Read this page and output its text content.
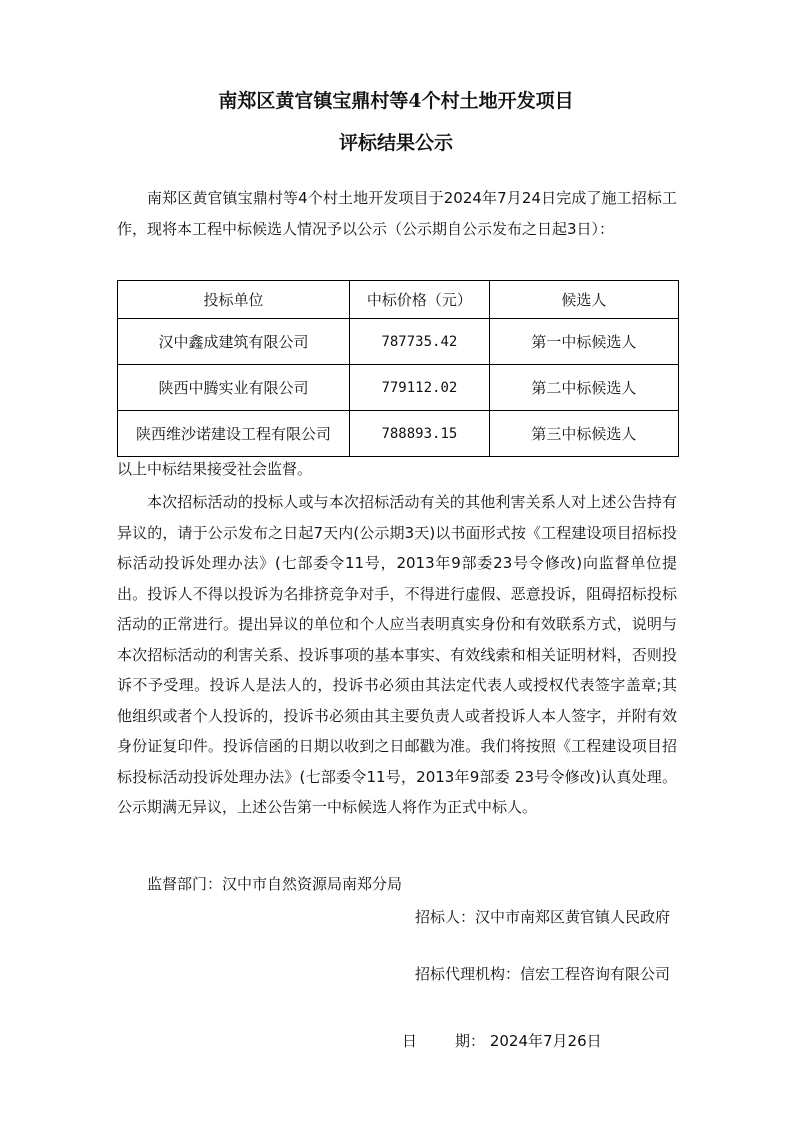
南郑区黄官镇宝鼎村等4个村土地开发项目
评标结果公示
南郑区黄官镇宝鼎村等4个村土地开发项目于2024年7月24日完成了施工招标工作，现将本工程中标候选人情况予以公示（公示期自公示发布之日起3日）：
投标单位	中标价格（元）	候选人
汉中鑫成建筑有限公司	787735.42	第一中标候选人
陕西中腾实业有限公司	779112.02	第二中标候选人
陕西维沙诺建设工程有限公司	788893.15	第三中标候选人
以上中标结果接受社会监督。
本次招标活动的投标人或与本次招标活动有关的其他利害关系人对上述公告持有异议的，请于公示发布之日起7天内(公示期3天)以书面形式按《工程建设项目招标投标活动投诉处理办法》(七部委令11号，2013年9部委23号令修改)向监督单位提出。投诉人不得以投诉为名排挤竞争对手，不得进行虚假、恶意投诉，阻碍招标投标活动的正常进行。提出异议的单位和个人应当表明真实身份和有效联系方式，说明与本次招标活动的利害关系、投诉事项的基本事实、有效线索和相关证明材料，否则投诉不予受理。投诉人是法人的，投诉书必须由其法定代表人或授权代表签字盖章;其他组织或者个人投诉的，投诉书必须由其主要负责人或者投诉人本人签字，并附有效身份证复印件。投诉信函的日期以收到之日邮戳为准。我们将按照《工程建设项目招标投标活动投诉处理办法》(七部委令11号，2013年9部委 23号令修改)认真处理。公示期满无异议，上述公告第一中标候选人将作为正式中标人。
监督部门：汉中市自然资源局南郑分局
招标人：汉中市南郑区黄官镇人民政府
招标代理机构：信宏工程咨询有限公司
日	期： 2024年7月26日
